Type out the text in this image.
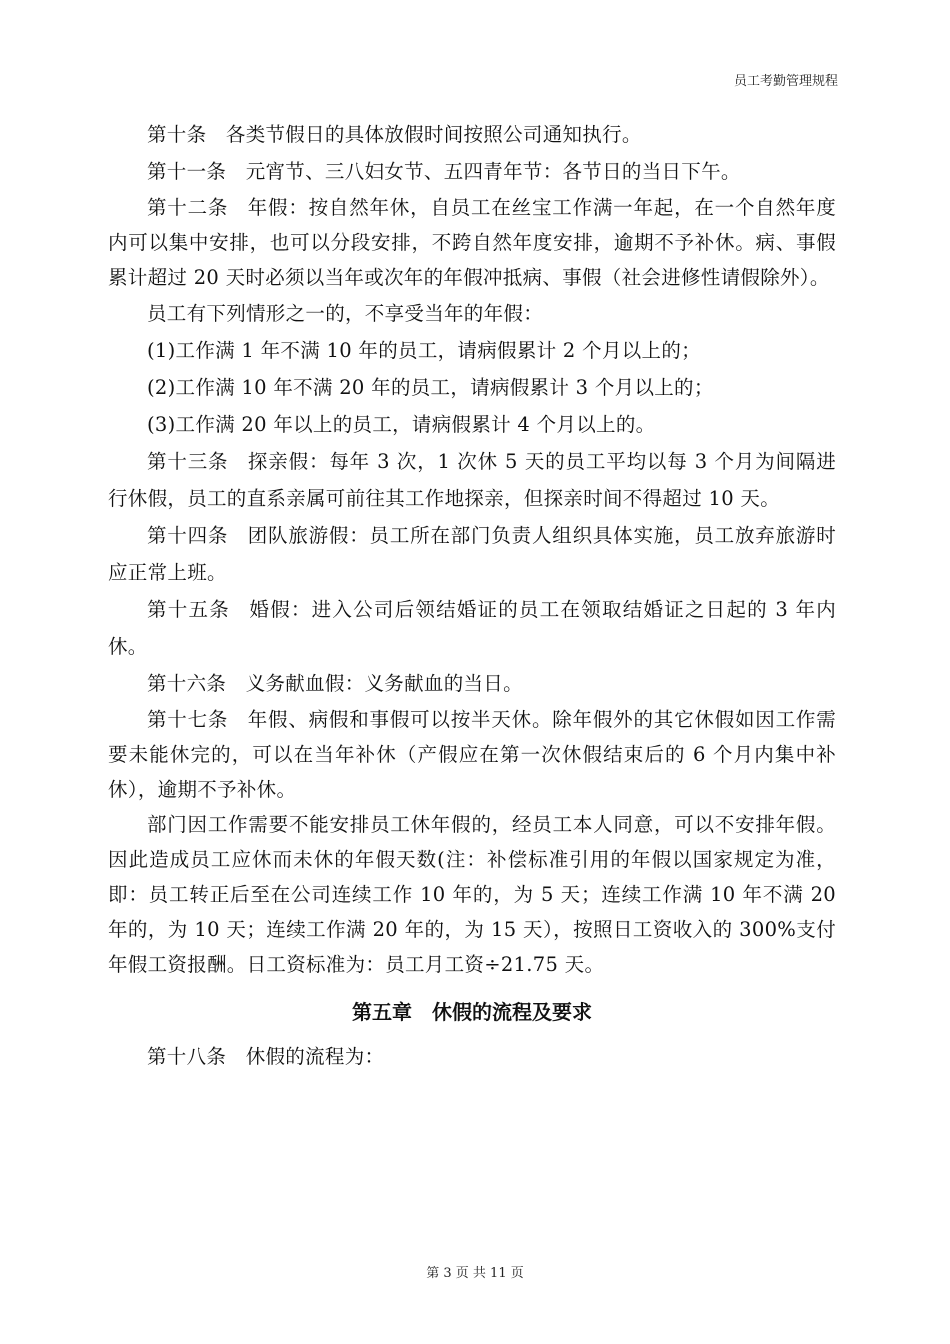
员工考勤管理规程

第十条 各类节假日的具体放假时间按照公司通知执行。

第十一条 元宵节、三八妇女节、五四青年节：各节日的当日下午。

第十二条 年假：按自然年休，自员工在丝宝工作满一年起，在一个自然年度内可以集中安排，也可以分段安排，不跨自然年度安排，逾期不予补休。病、事假累计超过 20 天时必须以当年或次年的年假冲抵病、事假（社会进修性请假除外）。

员工有下列情形之一的，不享受当年的年假：

(1)工作满 1 年不满 10 年的员工，请病假累计 2 个月以上的；

(2)工作满 10 年不满 20 年的员工，请病假累计 3 个月以上的；

(3)工作满 20 年以上的员工，请病假累计 4 个月以上的。

第十三条 探亲假：每年 3 次，1 次休 5 天的员工平均以每 3 个月为间隔进行休假，员工的直系亲属可前往其工作地探亲，但探亲时间不得超过 10 天。

第十四条 团队旅游假：员工所在部门负责人组织具体实施，员工放弃旅游时应正常上班。

第十五条 婚假：进入公司后领结婚证的员工在领取结婚证之日起的 3 年内休。

第十六条 义务献血假：义务献血的当日。

第十七条 年假、病假和事假可以按半天休。除年假外的其它休假如因工作需要未能休完的，可以在当年补休（产假应在第一次休假结束后的 6 个月内集中补休），逾期不予补休。

部门因工作需要不能安排员工休年假的，经员工本人同意，可以不安排年假。因此造成员工应休而未休的年假天数(注：补偿标准引用的年假以国家规定为准，即：员工转正后至在公司连续工作 10 年的，为 5 天；连续工作满 10 年不满 20 年的，为 10 天；连续工作满 20 年的，为 15 天），按照日工资收入的 300%支付年假工资报酬。日工资标准为：员工月工资÷21.75 天。

第五章 休假的流程及要求

第十八条 休假的流程为：

第 3 页 共 11 页
